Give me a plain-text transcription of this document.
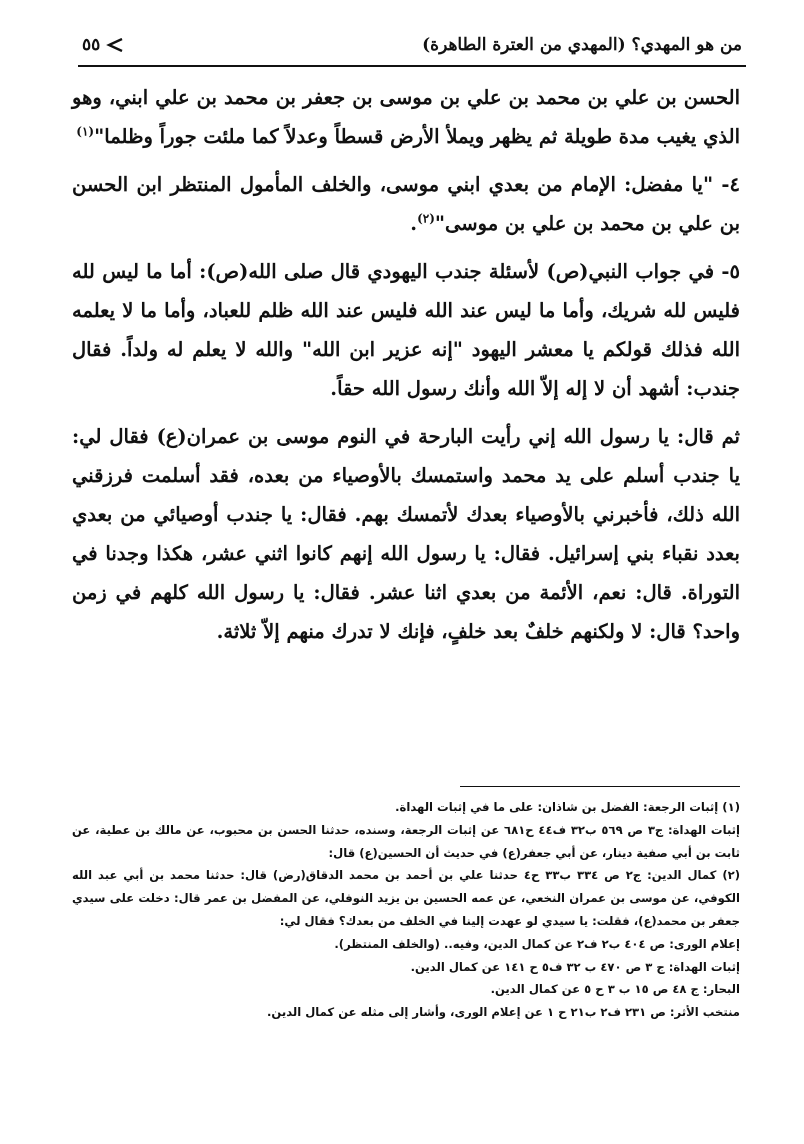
من هو المهدي؟ (المهدي من العترة الطاهرة)
٥٥

الحسن بن علي بن محمد بن علي بن موسى بن جعفر بن محمد بن علي ابني، وهو الذي يغيب مدة طويلة ثم يظهر ويملأ الأرض قسطاً وعدلاً كما ملئت جوراً وظلما"$^{(١)}$

٤- "يا مفضل: الإمام من بعدي ابني موسى، والخلف المأمول المنتظر ابن الحسن بن علي بن محمد بن علي بن موسى"$^{(٢)}$.

٥- في جواب النبي(ص) لأسئلة جندب اليهودي قال صلى الله(ص): أما ما ليس لله فليس لله شريك، وأما ما ليس عند الله فليس عند الله ظلم للعباد، وأما ما لا يعلمه الله فذلك قولكم يا معشر اليهود "إنه عزير ابن الله" والله لا يعلم له ولداً. فقال جندب: أشهد أن لا إله إلاّ الله وأنك رسول الله حقاً.

ثم قال: يا رسول الله إني رأيت البارحة في النوم موسى بن عمران(ع) فقال لي: يا جندب أسلم على يد محمد واستمسك بالأوصياء من بعده، فقد أسلمت فرزقني الله ذلك، فأخبرني بالأوصياء بعدك لأتمسك بهم. فقال: يا جندب أوصيائي من بعدي بعدد نقباء بني إسرائيل. فقال: يا رسول الله إنهم كانوا اثني عشر، هكذا وجدنا في التوراة. قال: نعم، الأئمة من بعدي اثنا عشر. فقال: يا رسول الله كلهم في زمن واحد؟ قال: لا ولكنهم خلفٌ بعد خلفٍ، فإنك لا تدرك منهم إلاّ ثلاثة.

(١) إثبات الرجعة: الفضل بن شاذان: على ما في إثبات الهداة.

إثبات الهداة: ج٣ ص ٥٦٩ ب٣٢ ف٤٤ ح٦٨١ عن إثبات الرجعة، وسنده، حدثنا الحسن بن محبوب، عن مالك بن عطية، عن ثابت بن أبي صفية دينار، عن أبي جعفر(ع) في حديث أن الحسين(ع) قال:

(٢) كمال الدين: ج٢ ص ٣٣٤ ب٣٣ ح٤ حدثنا علي بن أحمد بن محمد الدقاق(رض) قال: حدثنا محمد بن أبي عبد الله الكوفي، عن موسى بن عمران النخعي، عن عمه الحسين بن يزيد النوفلي، عن المفضل بن عمر قال: دخلت على سيدي جعفر بن محمد(ع)، فقلت: يا سيدي لو عهدت إلينا في الخلف من بعدك؟ فقال لي:

إعلام الورى: ص ٤٠٤ ب٢ ف٢ عن كمال الدين، وفيه.. (والخلف المنتظر).

إثبات الهداة: ج ٣ ص ٤٧٠ ب ٣٢ ف٥ ح ١٤١ عن كمال الدين.

البحار: ج ٤٨ ص ١٥ ب ٣ ح ٥ عن كمال الدين.

منتخب الأثر: ص ٢٣١ ف٢ ب٢١ ح ١ عن إعلام الورى، وأشار إلى مثله عن كمال الدين.
